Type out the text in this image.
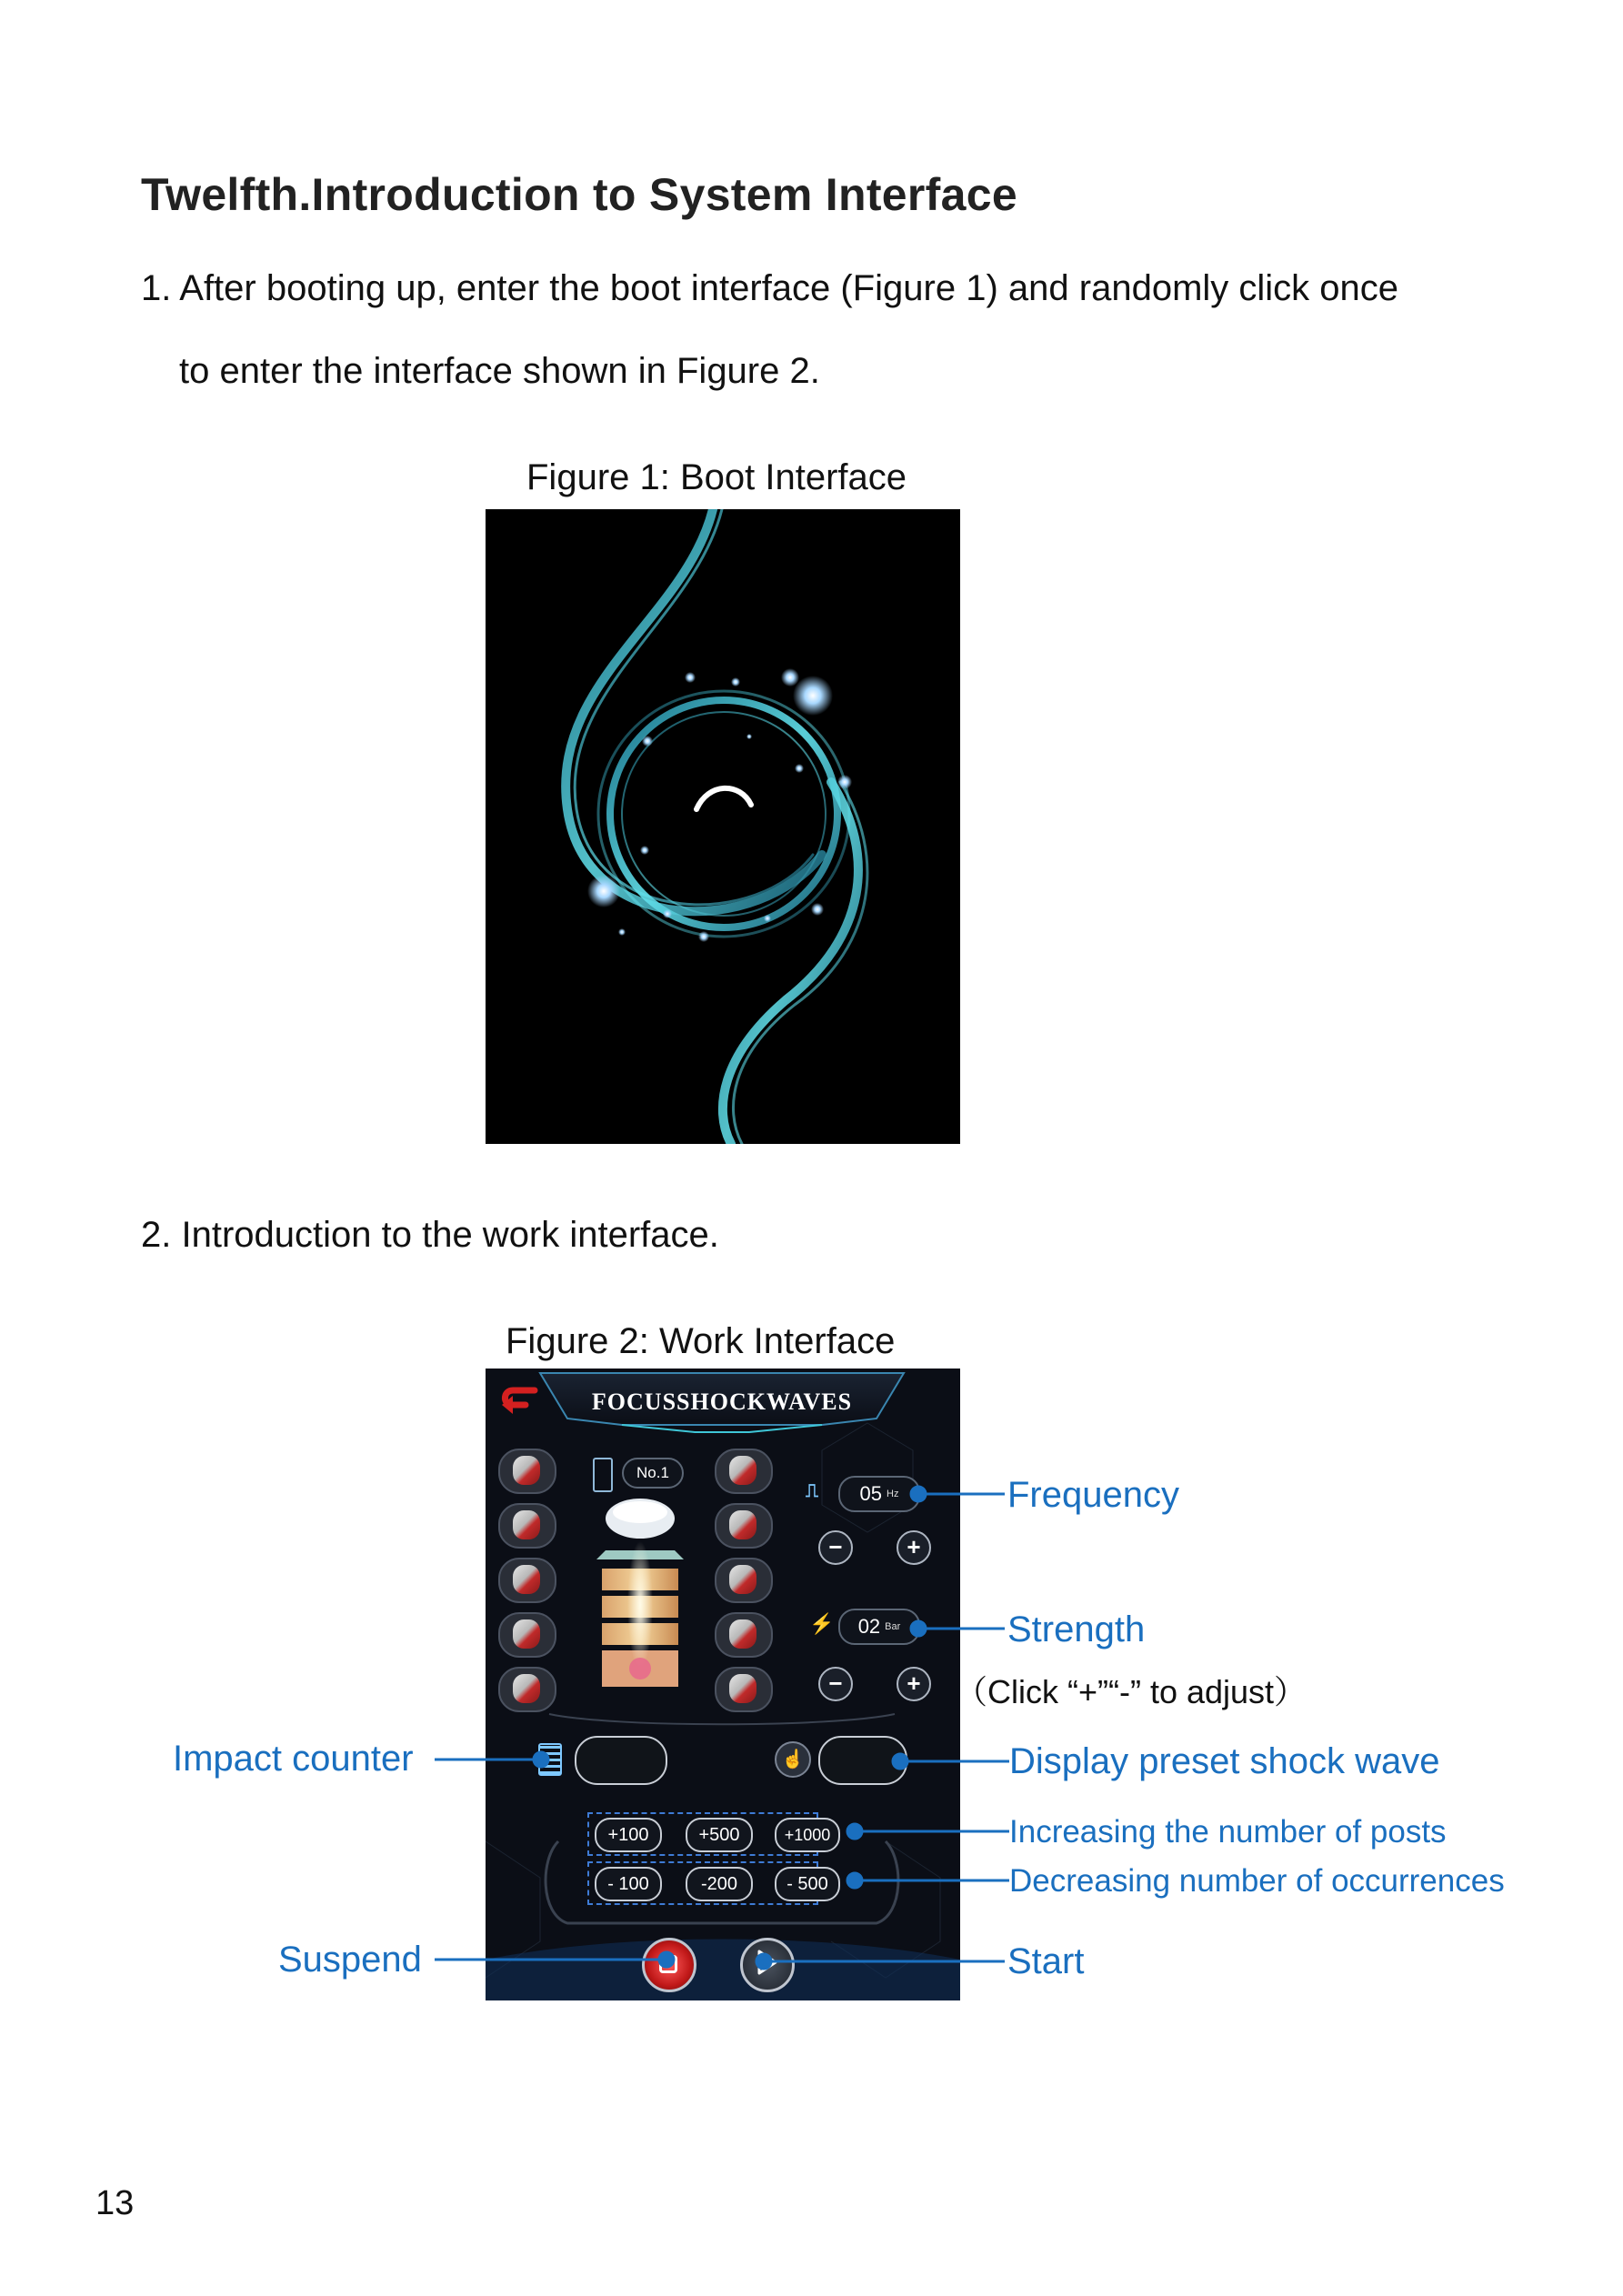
Twelfth.Introduction to System Interface
1. After booting up, enter the boot interface (Figure 1) and randomly click once
to enter the interface shown in Figure 2.
Figure 1: Boot Interface
2. Introduction to the work interface.
Figure 2: Work Interface
FOCUSSHOCKWAVES
No.1
⎍	05 Hz
−	+
⚡ 02 Bar
−	+
☝
+100	+500	+1000
- 100	-200	- 500
Frequency
Strength
（Click “+”“-” to adjust）
Impact counter	Display preset shock wave
Increasing the number of posts
Decreasing number of occurrences
Suspend	Start
13
